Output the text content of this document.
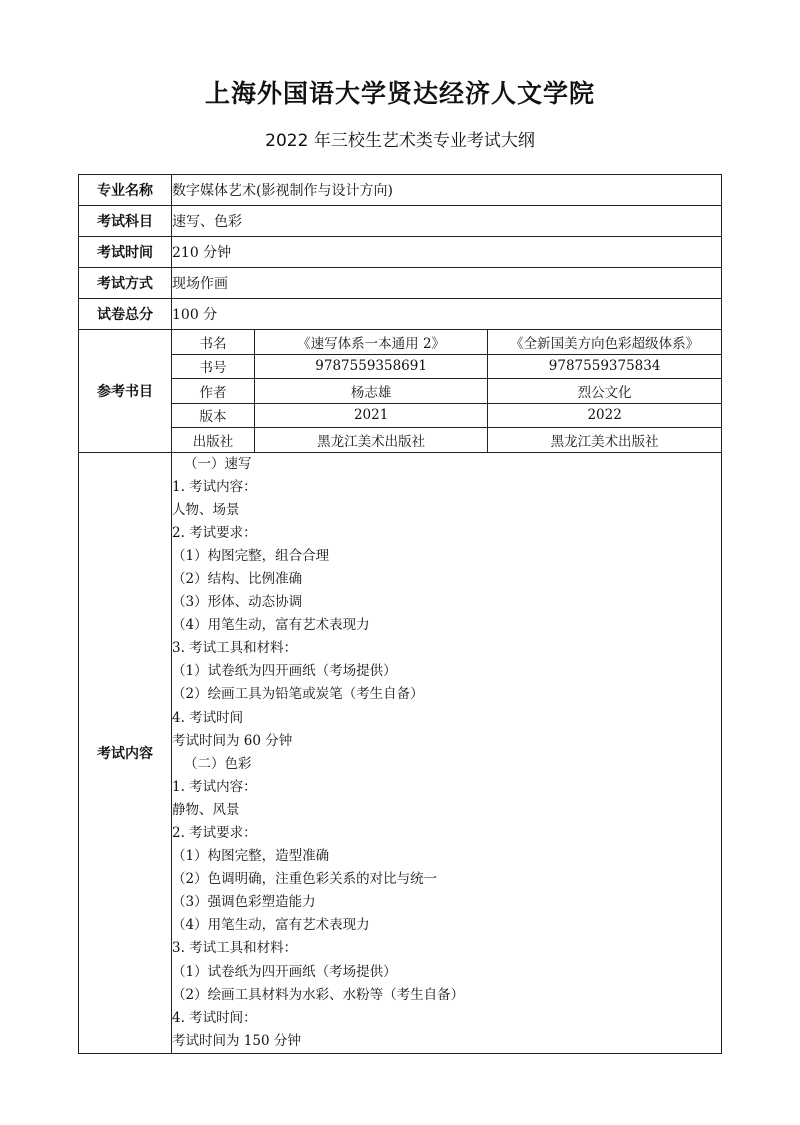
上海外国语大学贤达经济人文学院
2022 年三校生艺术类专业考试大纲
专业名称	数字媒体艺术(影视制作与设计方向)
考试科目	速写、色彩
考试时间	210 分钟
考试方式	现场作画
试卷总分	100 分
参考书目	
书名	《速写体系一本通用 2》	《全新国美方向色彩超级体系》
书号	9787559358691	9787559375834
作者	杨志雄	烈公文化
版本	2021	2022
出版社	黑龙江美术出版社	黑龙江美术出版社

考试内容	
（一）速写
1. 考试内容：
人物、场景
2. 考试要求：
（1）构图完整，组合合理
（2）结构、比例准确
（3）形体、动态协调
（4）用笔生动，富有艺术表现力
3. 考试工具和材料：
（1）试卷纸为四开画纸（考场提供）
（2）绘画工具为铅笔或炭笔（考生自备）
4. 考试时间
考试时间为 60 分钟
（二）色彩
1. 考试内容：
静物、风景
2. 考试要求：
（1）构图完整，造型准确
（2）色调明确，注重色彩关系的对比与统一
（3）强调色彩塑造能力
（4）用笔生动，富有艺术表现力
3. 考试工具和材料：
（1）试卷纸为四开画纸（考场提供）
（2）绘画工具材料为水彩、水粉等（考生自备）
4. 考试时间：
考试时间为 150 分钟
